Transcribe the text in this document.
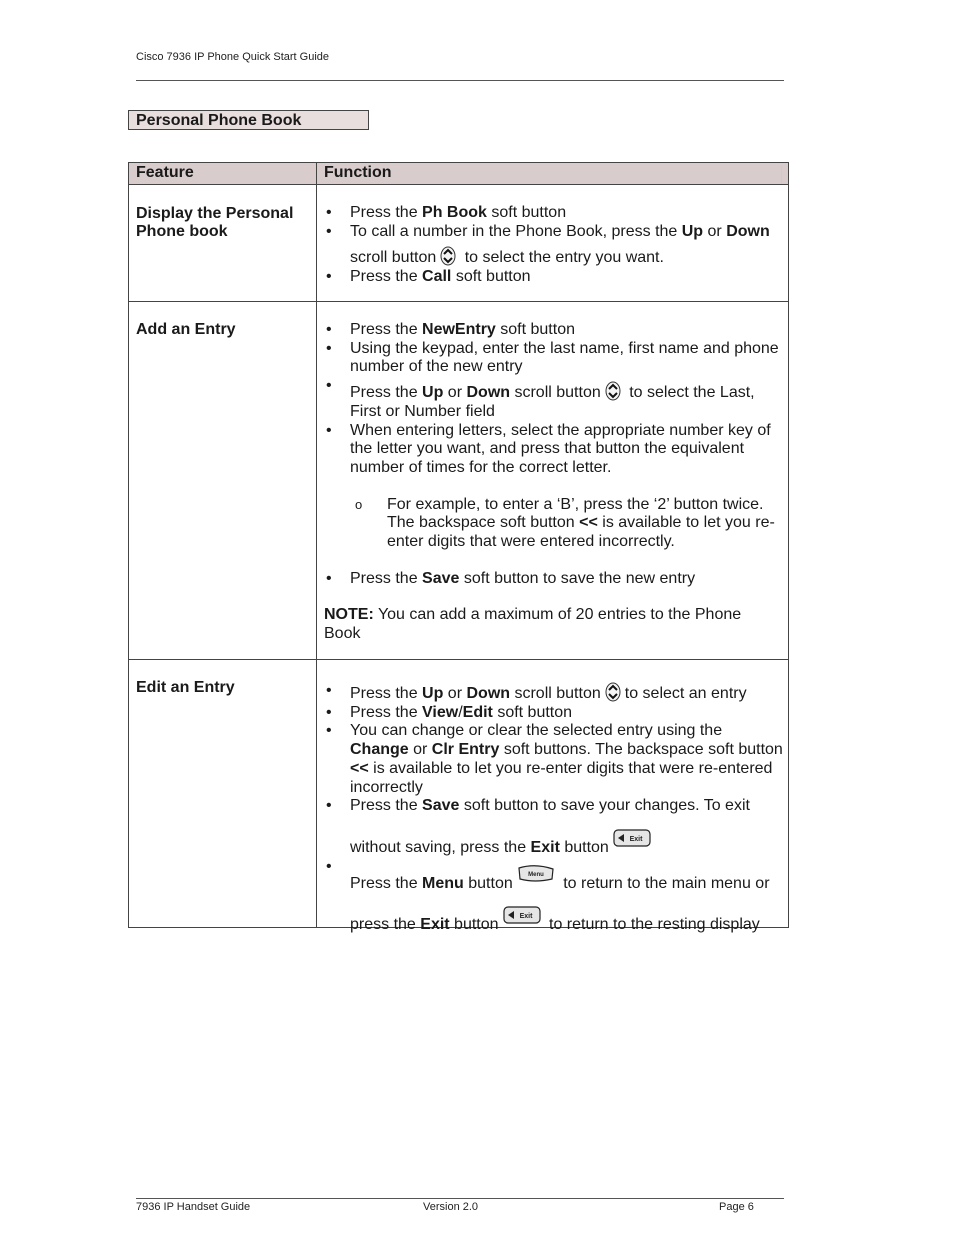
Cisco 7936 IP Phone Quick Start Guide
Personal Phone Book
Feature	Function
Display the Personal Phone book
• Press the Ph Book soft button
• To call a number in the Phone Book, press the Up or Down
scroll button to select the entry you want.
• Press the Call soft button
Add an Entry	• Press the NewEntry soft button
• Using the keypad, enter the last name, first name and phone number of the new entry
• Press the Up or Down scroll button to select the Last,
First or Number field
• When entering letters, select the appropriate number key of the letter you want, and press that button the equivalent number of times for the correct letter.
o For example, to enter a ‘B’, press the ‘2’ button twice. The backspace soft button << is available to let you re-enter digits that were entered incorrectly.
• Press the Save soft button to save the new entry
NOTE: You can add a maximum of 20 entries to the Phone Book
Edit an Entry	• Press the Up or Down scroll button to select an entry
• Press the View/Edit soft button
• You can change or clear the selected entry using the Change or Clr Entry soft buttons. The backspace soft button << is available to let you re-enter digits that were re-entered incorrectly
• Press the Save soft button to save your changes. To exit
without saving, press the Exit button	Exit
• Press the Menu button	Menu to return to the main menu or
press the Exit button	Exit to return to the resting display
7936 IP Handset Guide	Version 2.0	Page 6
